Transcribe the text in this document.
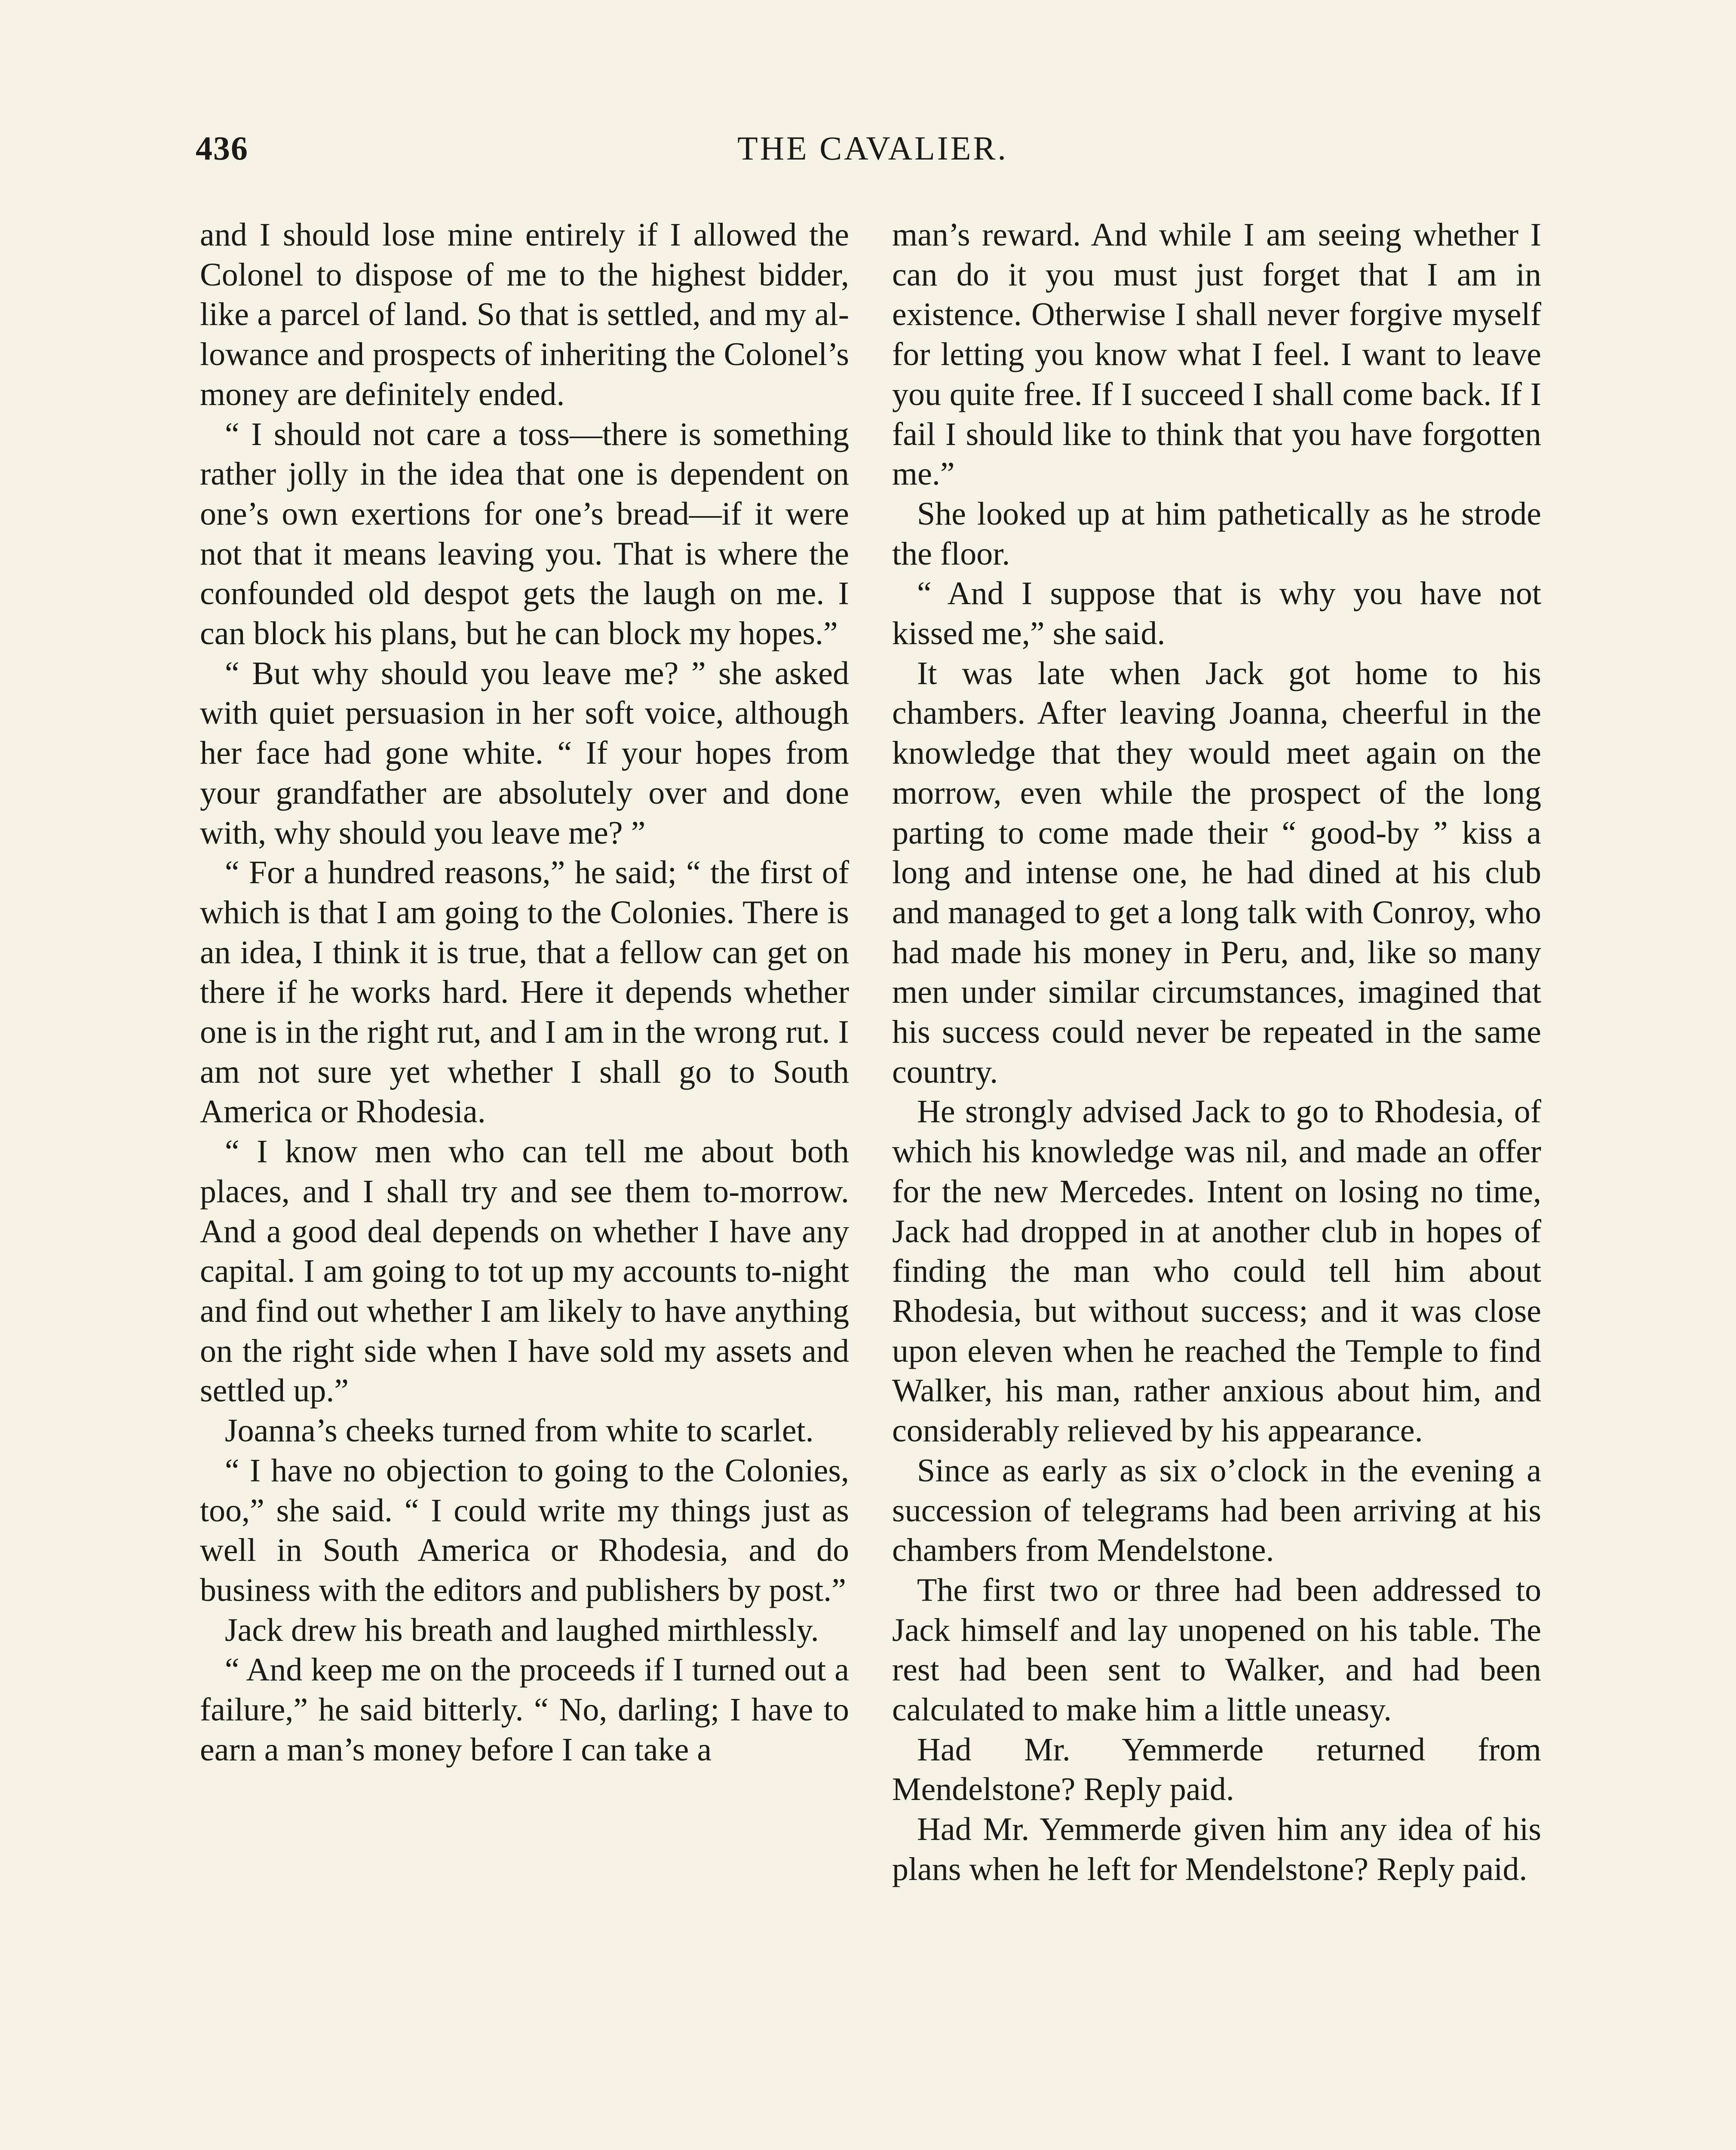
436	THE CAVALIER.

and I should lose mine entirely if I allowed the Colonel to dispose of me to the highest bidder, like a parcel of land. So that is settled, and my allowance and prospects of inheriting the Colonel’s money are definitely ended.

“ I should not care a toss—there is something rather jolly in the idea that one is dependent on one’s own exertions for one’s bread—if it were not that it means leaving you. That is where the confounded old despot gets the laugh on me. I can block his plans, but he can block my hopes.”

“ But why should you leave me? ” she asked with quiet persuasion in her soft voice, although her face had gone white. “ If your hopes from your grandfather are absolutely over and done with, why should you leave me? ”

“ For a hundred reasons,” he said; “ the first of which is that I am going to the Colonies. There is an idea, I think it is true, that a fellow can get on there if he works hard. Here it depends whether one is in the right rut, and I am in the wrong rut. I am not sure yet whether I shall go to South America or Rhodesia.

“ I know men who can tell me about both places, and I shall try and see them to-morrow. And a good deal depends on whether I have any capital. I am going to tot up my accounts to-night and find out whether I am likely to have anything on the right side when I have sold my assets and settled up.”

Joanna’s cheeks turned from white to scarlet.

“ I have no objection to going to the Colonies, too,” she said. “ I could write my things just as well in South America or Rhodesia, and do business with the editors and publishers by post.”

Jack drew his breath and laughed mirthlessly.

“ And keep me on the proceeds if I turned out a failure,” he said bitterly. “ No, darling; I have to earn a man’s money before I can take a

man’s reward. And while I am seeing whether I can do it you must just forget that I am in existence. Otherwise I shall never forgive myself for letting you know what I feel. I want to leave you quite free. If I succeed I shall come back. If I fail I should like to think that you have forgotten me.”

She looked up at him pathetically as he strode the floor.

“ And I suppose that is why you have not kissed me,” she said.

It was late when Jack got home to his chambers. After leaving Joanna, cheerful in the knowledge that they would meet again on the morrow, even while the prospect of the long parting to come made their “ good-by ” kiss a long and intense one, he had dined at his club and managed to get a long talk with Conroy, who had made his money in Peru, and, like so many men under similar circumstances, imagined that his success could never be repeated in the same country.

He strongly advised Jack to go to Rhodesia, of which his knowledge was nil, and made an offer for the new Mercedes. Intent on losing no time, Jack had dropped in at another club in hopes of finding the man who could tell him about Rhodesia, but without success; and it was close upon eleven when he reached the Temple to find Walker, his man, rather anxious about him, and considerably relieved by his appearance.

Since as early as six o’clock in the evening a succession of telegrams had been arriving at his chambers from Mendelstone.

The first two or three had been addressed to Jack himself and lay unopened on his table. The rest had been sent to Walker, and had been calculated to make him a little uneasy.

Had Mr. Yemmerde returned from Mendelstone? Reply paid.

Had Mr. Yemmerde given him any idea of his plans when he left for Mendelstone? Reply paid.
